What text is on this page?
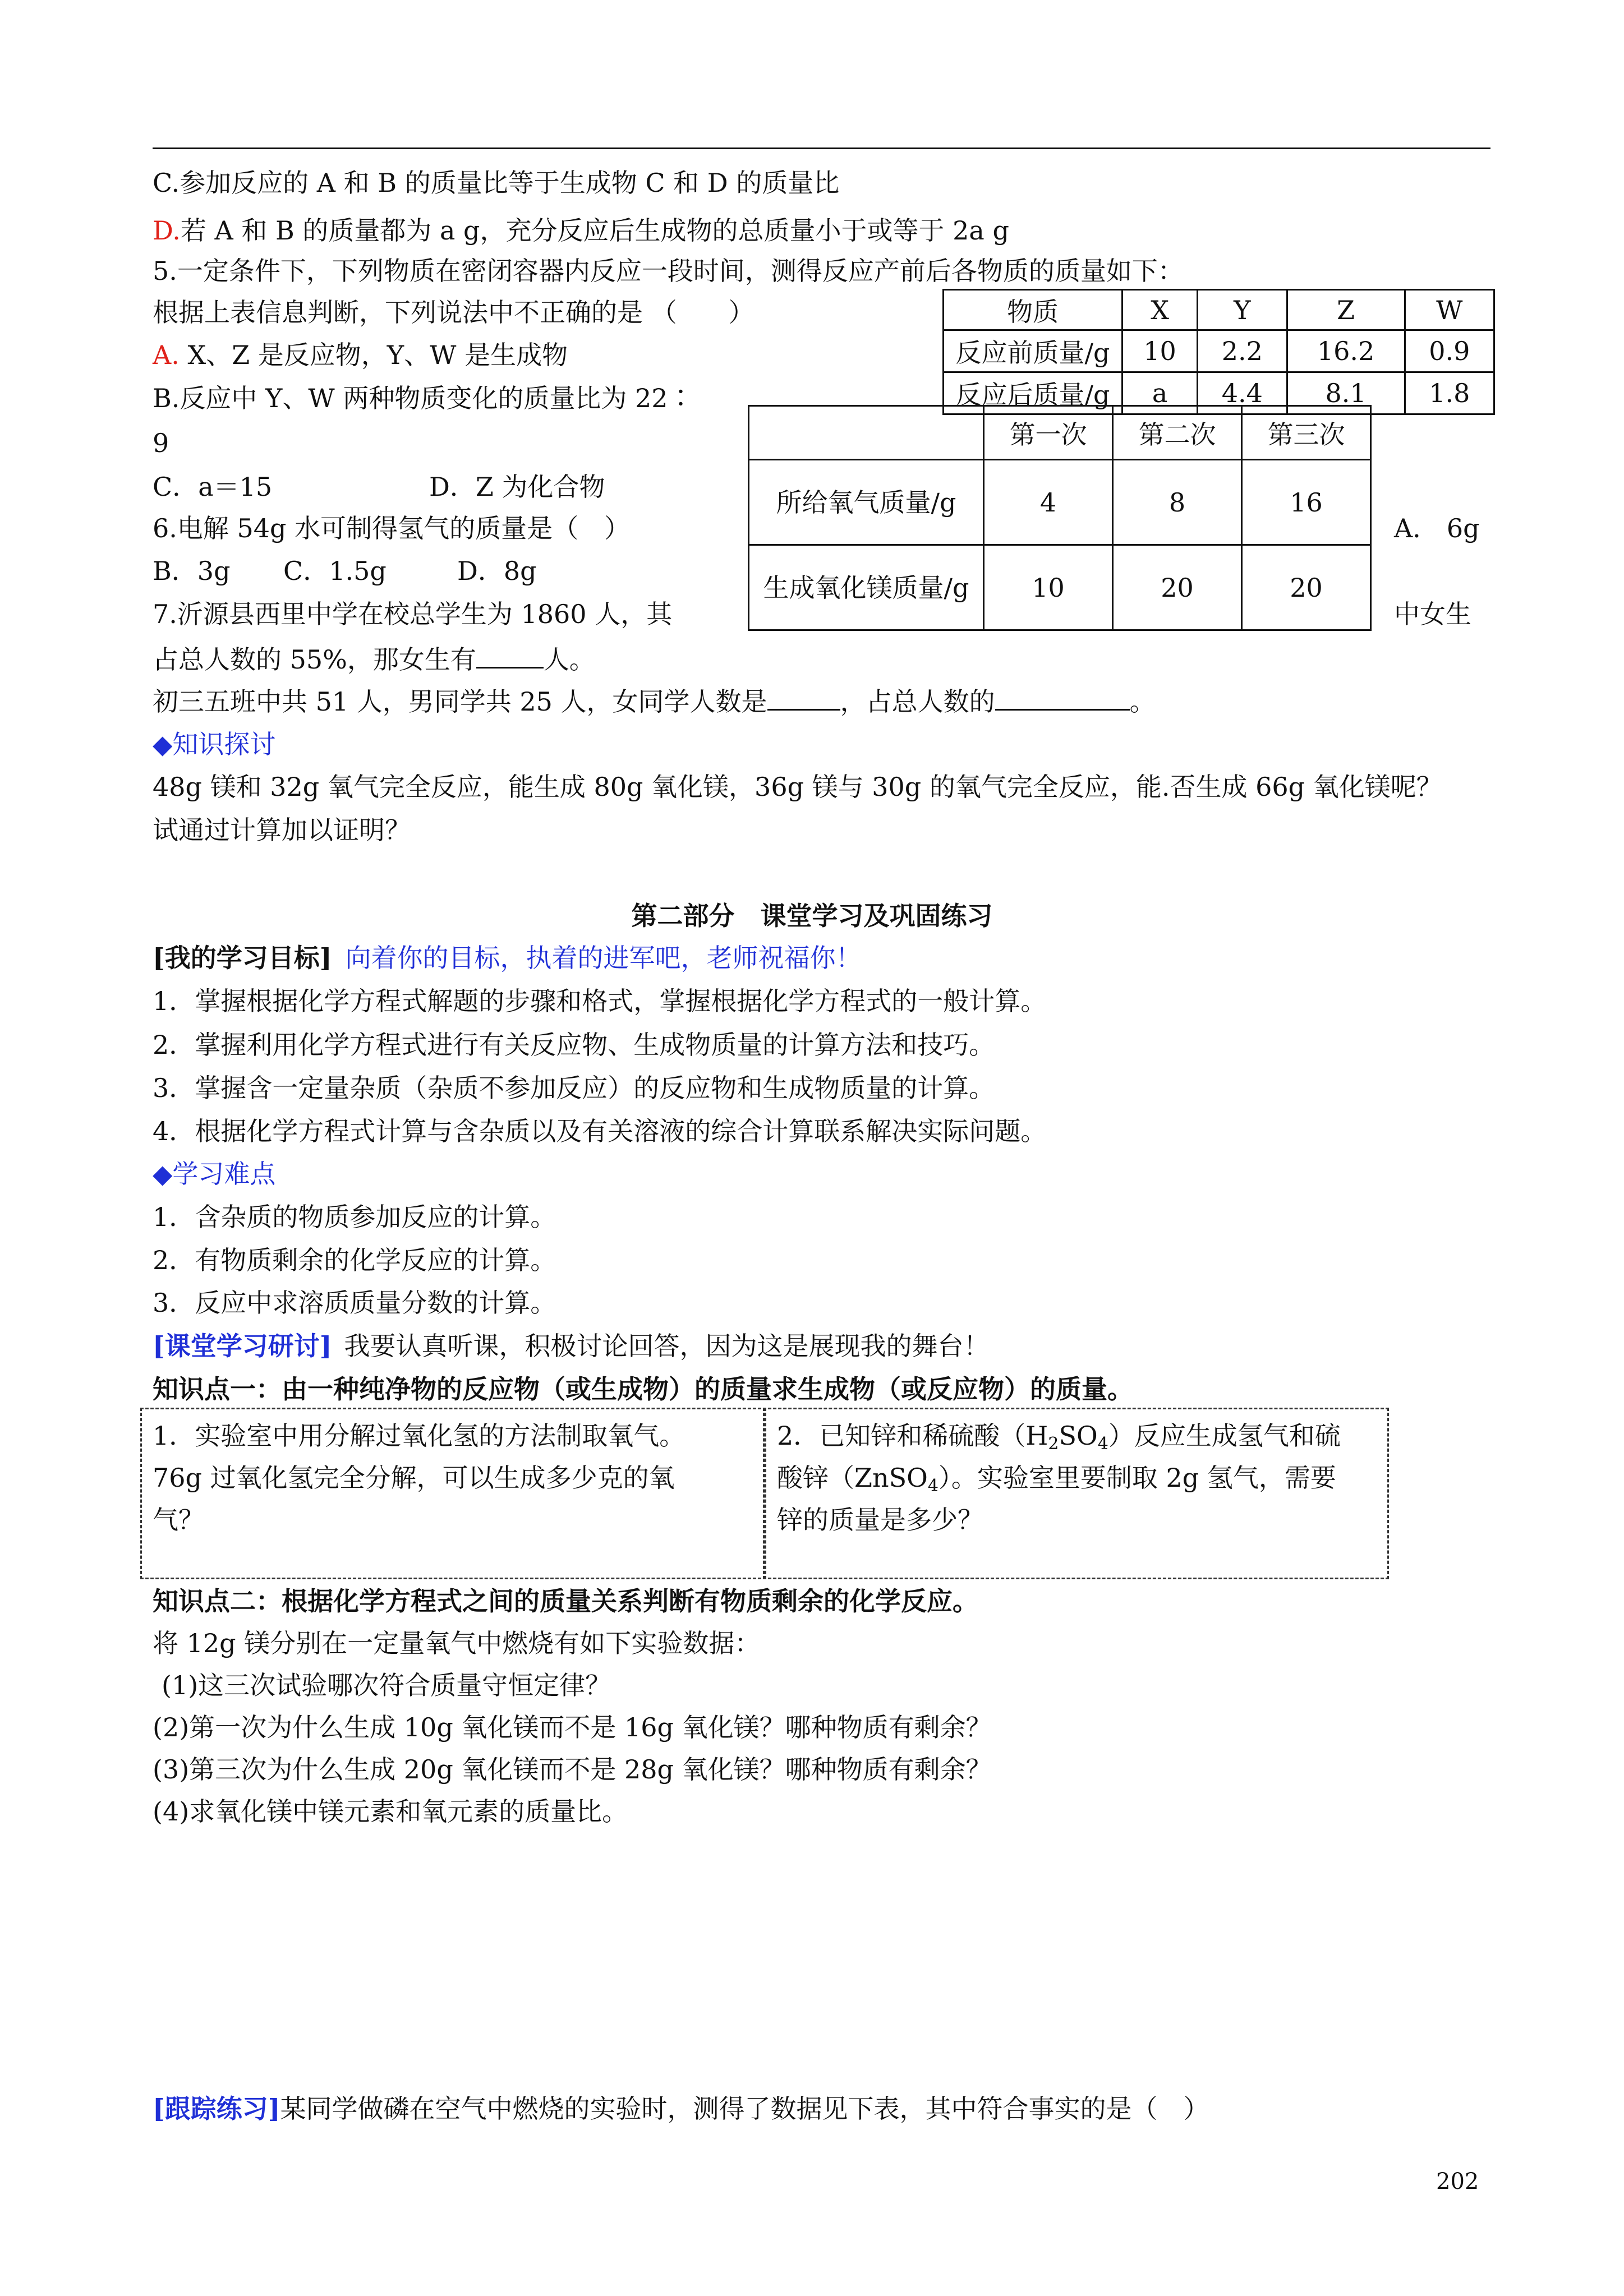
C.参加反应的 A 和 B 的质量比等于生成物 C 和 D 的质量比
D.若 A 和 B 的质量都为 a g，充分反应后生成物的总质量小于或等于 2a g
5.一定条件下，下列物质在密闭容器内反应一段时间，测得反应产前后各物质的质量如下：
根据上表信息判断，下列说法中不正确的是 （　　）
A. X、Z 是反应物，Y、W 是生成物
B.反应中 Y、W 两种物质变化的质量比为 22∶
9
C．a＝15	D．Z 为化合物
物质	X	Y	Z	W
反应前质量/g	10	2.2	16.2	0.9
反应后质量/g	a	4.4	8.1	1.8
6.电解 54g 水可制得氢气的质量是（　）	A． 6g
B．3g C．1.5g	D．8g
7.沂源县西里中学在校总学生为 1860 人，其	中女生
占总人数的 55%，那女生有	人。
初三五班中共 51 人，男同学共 25 人，女同学人数是	，占总人数的	。
	第一次	第二次	第三次
所给氧气质量/g	4	8	16
生成氧化镁质量/g	10	20	20
◆知识探讨
48g 镁和 32g 氧气完全反应，能生成 80g 氧化镁，36g 镁与 30g 的氧气完全反应，能.否生成 66g 氧化镁呢？
试通过计算加以证明？
第二部分　课堂学习及巩固练习
[我的学习目标] 向着你的目标，执着的进军吧，老师祝福你！
1．掌握根据化学方程式解题的步骤和格式，掌握根据化学方程式的一般计算。
2．掌握利用化学方程式进行有关反应物、生成物质量的计算方法和技巧。
3．掌握含一定量杂质（杂质不参加反应）的反应物和生成物质量的计算。
4．根据化学方程式计算与含杂质以及有关溶液的综合计算联系解决实际问题。
◆学习难点
1．含杂质的物质参加反应的计算。
2．有物质剩余的化学反应的计算。
3．反应中求溶质质量分数的计算。
[课堂学习研讨] 我要认真听课，积极讨论回答，因为这是展现我的舞台！
知识点一：由一种纯净物的反应物（或生成物）的质量求生成物（或反应物）的质量。
1．实验室中用分解过氧化氢的方法制取氧气。
76g 过氧化氢完全分解，可以生成多少克的氧
气？
2．已知锌和稀硫酸$(H_2SO_4)$反应生成氢气和硫
酸锌（ZnSO$_4$）。实验室里要制取 2g 氢气，需要
锌的质量是多少？
知识点二：根据化学方程式之间的质量关系判断有物质剩余的化学反应。
将 12g 镁分别在一定量氧气中燃烧有如下实验数据：
(1)这三次试验哪次符合质量守恒定律？
(2)第一次为什么生成 10g 氧化镁而不是 16g 氧化镁？哪种物质有剩余？
(3)第三次为什么生成 20g 氧化镁而不是 28g 氧化镁？哪种物质有剩余？
(4)求氧化镁中镁元素和氧元素的质量比。
[跟踪练习]某同学做磷在空气中燃烧的实验时，测得了数据见下表，其中符合事实的是（　）
202
